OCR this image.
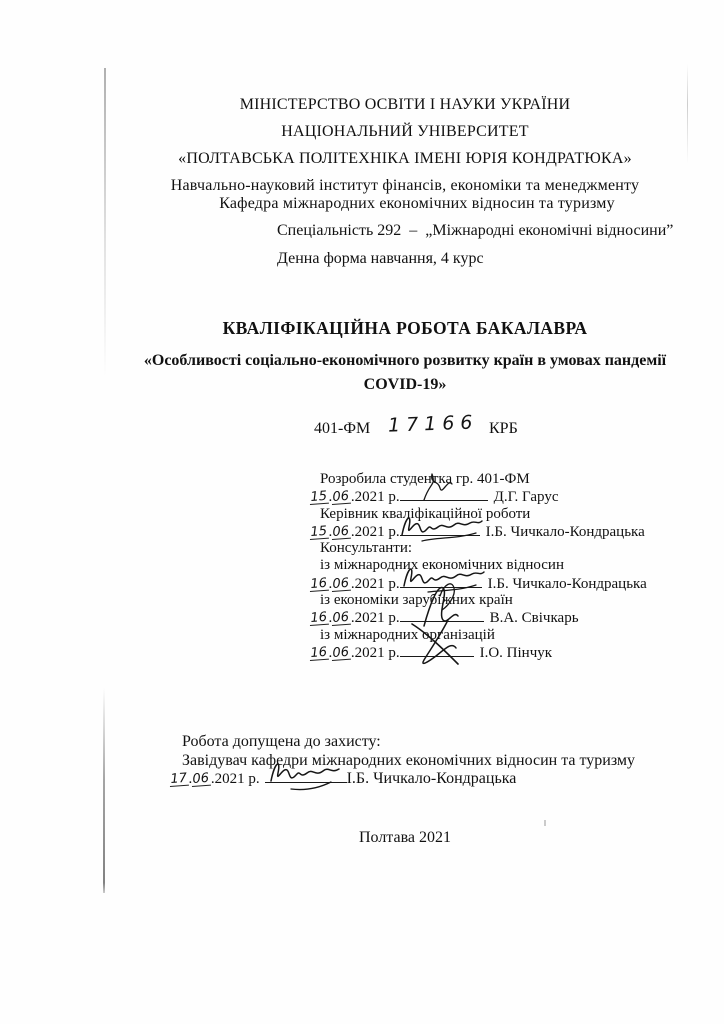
МІНІСТЕРСТВО ОСВІТИ І НАУКИ УКРАЇНИ
НАЦІОНАЛЬНИЙ УНІВЕРСИТЕТ
«ПОЛТАВСЬКА ПОЛІТЕХНІКА ІМЕНІ ЮРІЯ КОНДРАТЮКА»
Навчально-науковий інститут фінансів, економіки та менеджменту
Кафедра міжнародних економічних відносин та туризму
Спеціальність 292  –  „Міжнародні економічні відносини”
Денна форма навчання, 4 курс
КВАЛІФІКАЦІЙНА РОБОТА БАКАЛАВРА
«Особливості соціально-економічного розвитку країн в умовах пандемії
COVID-19»
401-ФМ 17166 КРБ
Розробила студентка гр. 401-ФМ
15.06.2021 р.	Д.Г. Гарус
Керівник кваліфікаційної роботи
15.06.2021 р.	І.Б. Чичкало-Кондрацька
Консультанти:
із міжнародних економічних відносин
16.06.2021 р.	І.Б. Чичкало-Кондрацька
із економіки зарубіжних країн
16.06.2021 р.	В.А. Свічкарь
із міжнародних організацій
16.06.2021 р.	І.О. Пінчук
Робота допущена до захисту:
Завідувач кафедри міжнародних економічних відносин та туризму
17.06.2021 р.	І.Б. Чичкало-Кондрацька
Полтава 2021
